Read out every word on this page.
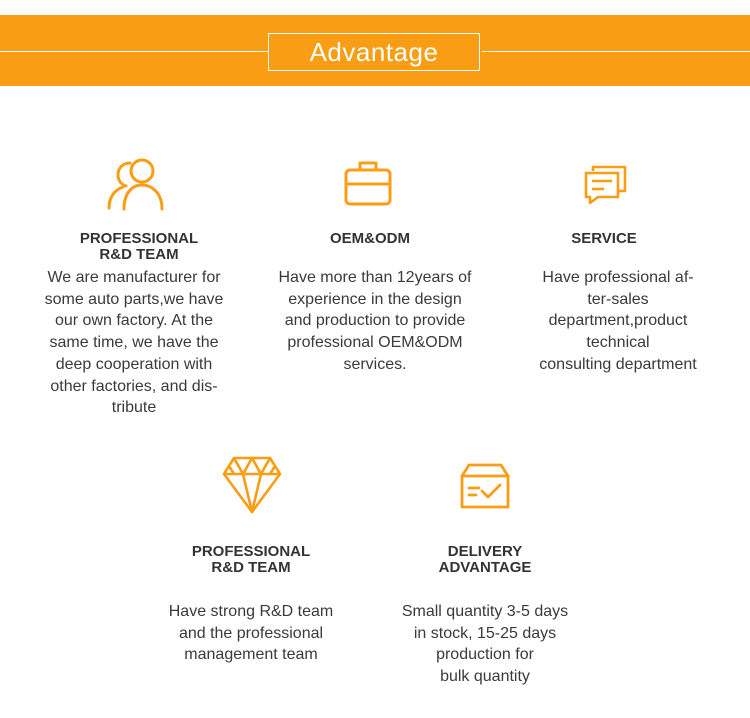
Advantage
PROFESSIONAL
R&D TEAM
We are manufacturer for
some auto parts,we have
our own factory. At the
same time, we have the
deep cooperation with
other factories, and dis-
tribute
OEM&ODM
Have more than 12years of
experience in the design
and production to provide
professional OEM&ODM
services.
SERVICE
Have professional af-
ter-sales
department,product
technical
consulting department
PROFESSIONAL
R&D TEAM
Have strong R&D team
and the professional
management team
DELIVERY
ADVANTAGE
Small quantity 3-5 days
in stock, 15-25 days
production for
bulk quantity
